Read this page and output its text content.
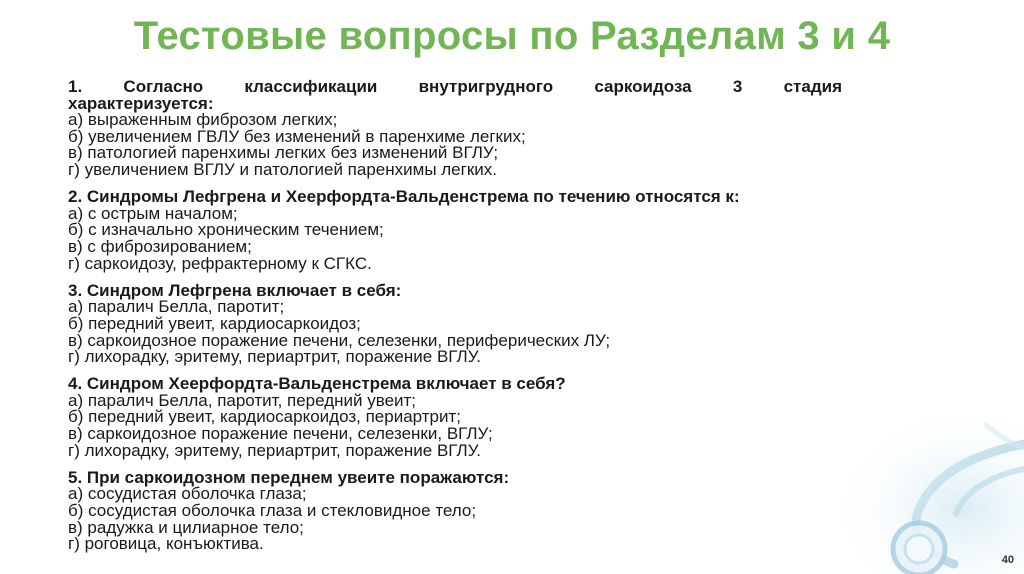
Тестовые вопросы по Разделам 3 и 4
1. Согласно классификации внутригрудного саркоидоза 3 стадия
характеризуется:
а) выраженным фиброзом легких;
б) увеличением ГВЛУ без изменений в паренхиме легких;
в) патологией паренхимы легких без изменений ВГЛУ;
г) увеличением ВГЛУ и патологией паренхимы легких.
2. Синдромы Лефгрена и Хеерфордта-Вальденстрема по течению относятся к:
а) с острым началом;
б) с изначально хроническим течением;
в) с фиброзированием;
г) саркоидозу, рефрактерному к СГКС.
3. Синдром Лефгрена включает в себя:
а) паралич Белла, паротит;
б) передний увеит, кардиосаркоидоз;
в) саркоидозное поражение печени, селезенки, периферических ЛУ;
г) лихорадку, эритему, периартрит, поражение ВГЛУ.
4. Синдром Хеерфордта-Вальденстрема включает в себя?
а) паралич Белла, паротит, передний увеит;
б) передний увеит, кардиосаркоидоз, периартрит;
в) саркоидозное поражение печени, селезенки, ВГЛУ;
г) лихорадку, эритему, периартрит, поражение ВГЛУ.
5. При саркоидозном переднем увеите поражаются:
а) сосудистая оболочка глаза;
б) сосудистая оболочка глаза и стекловидное тело;
в) радужка и цилиарное тело;
г) роговица, конъюктива.
40
